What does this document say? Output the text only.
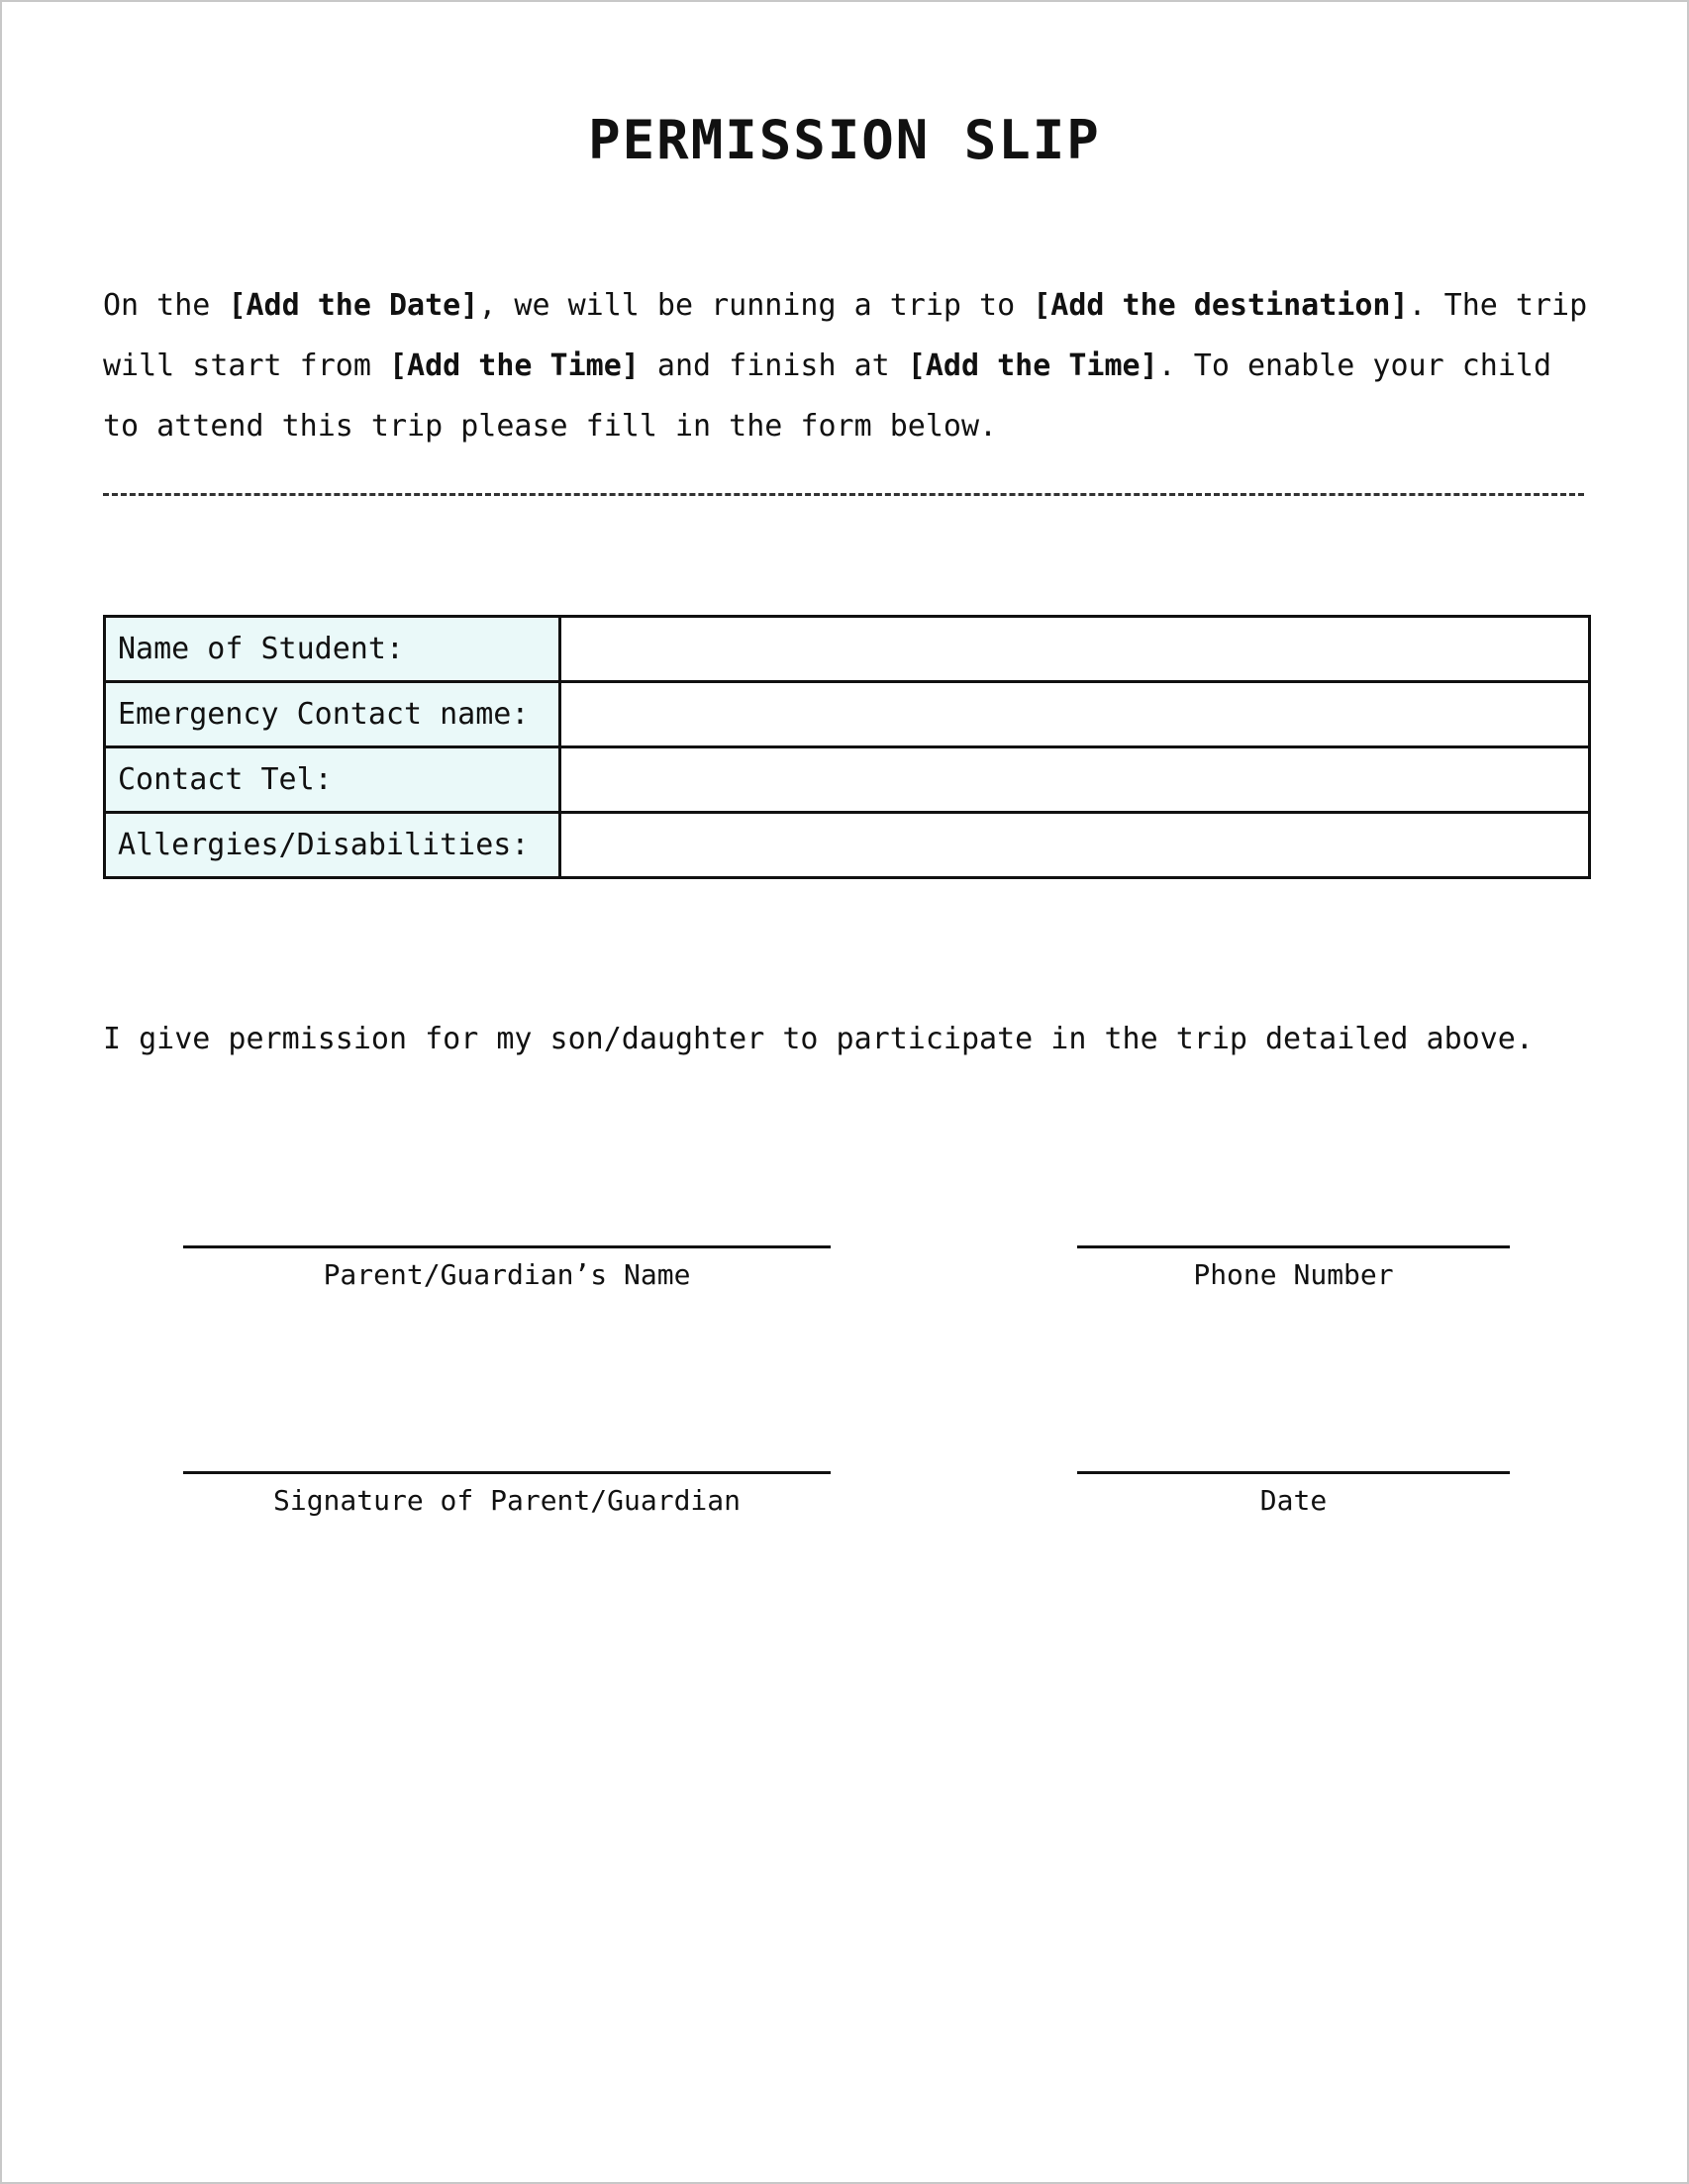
PERMISSION SLIP

On the [Add the Date], we will be running a trip to [Add the destination]. The trip will start from [Add the Time] and finish at [Add the Time]. To enable your child to attend this trip please fill in the form below.

Name of Student:	
Emergency Contact name:	
Contact Tel:	
Allergies/Disabilities:	

I give permission for my son/daughter to participate in the trip detailed above.

Parent/Guardian’s Name	Phone Number
Signature of Parent/Guardian	Date
